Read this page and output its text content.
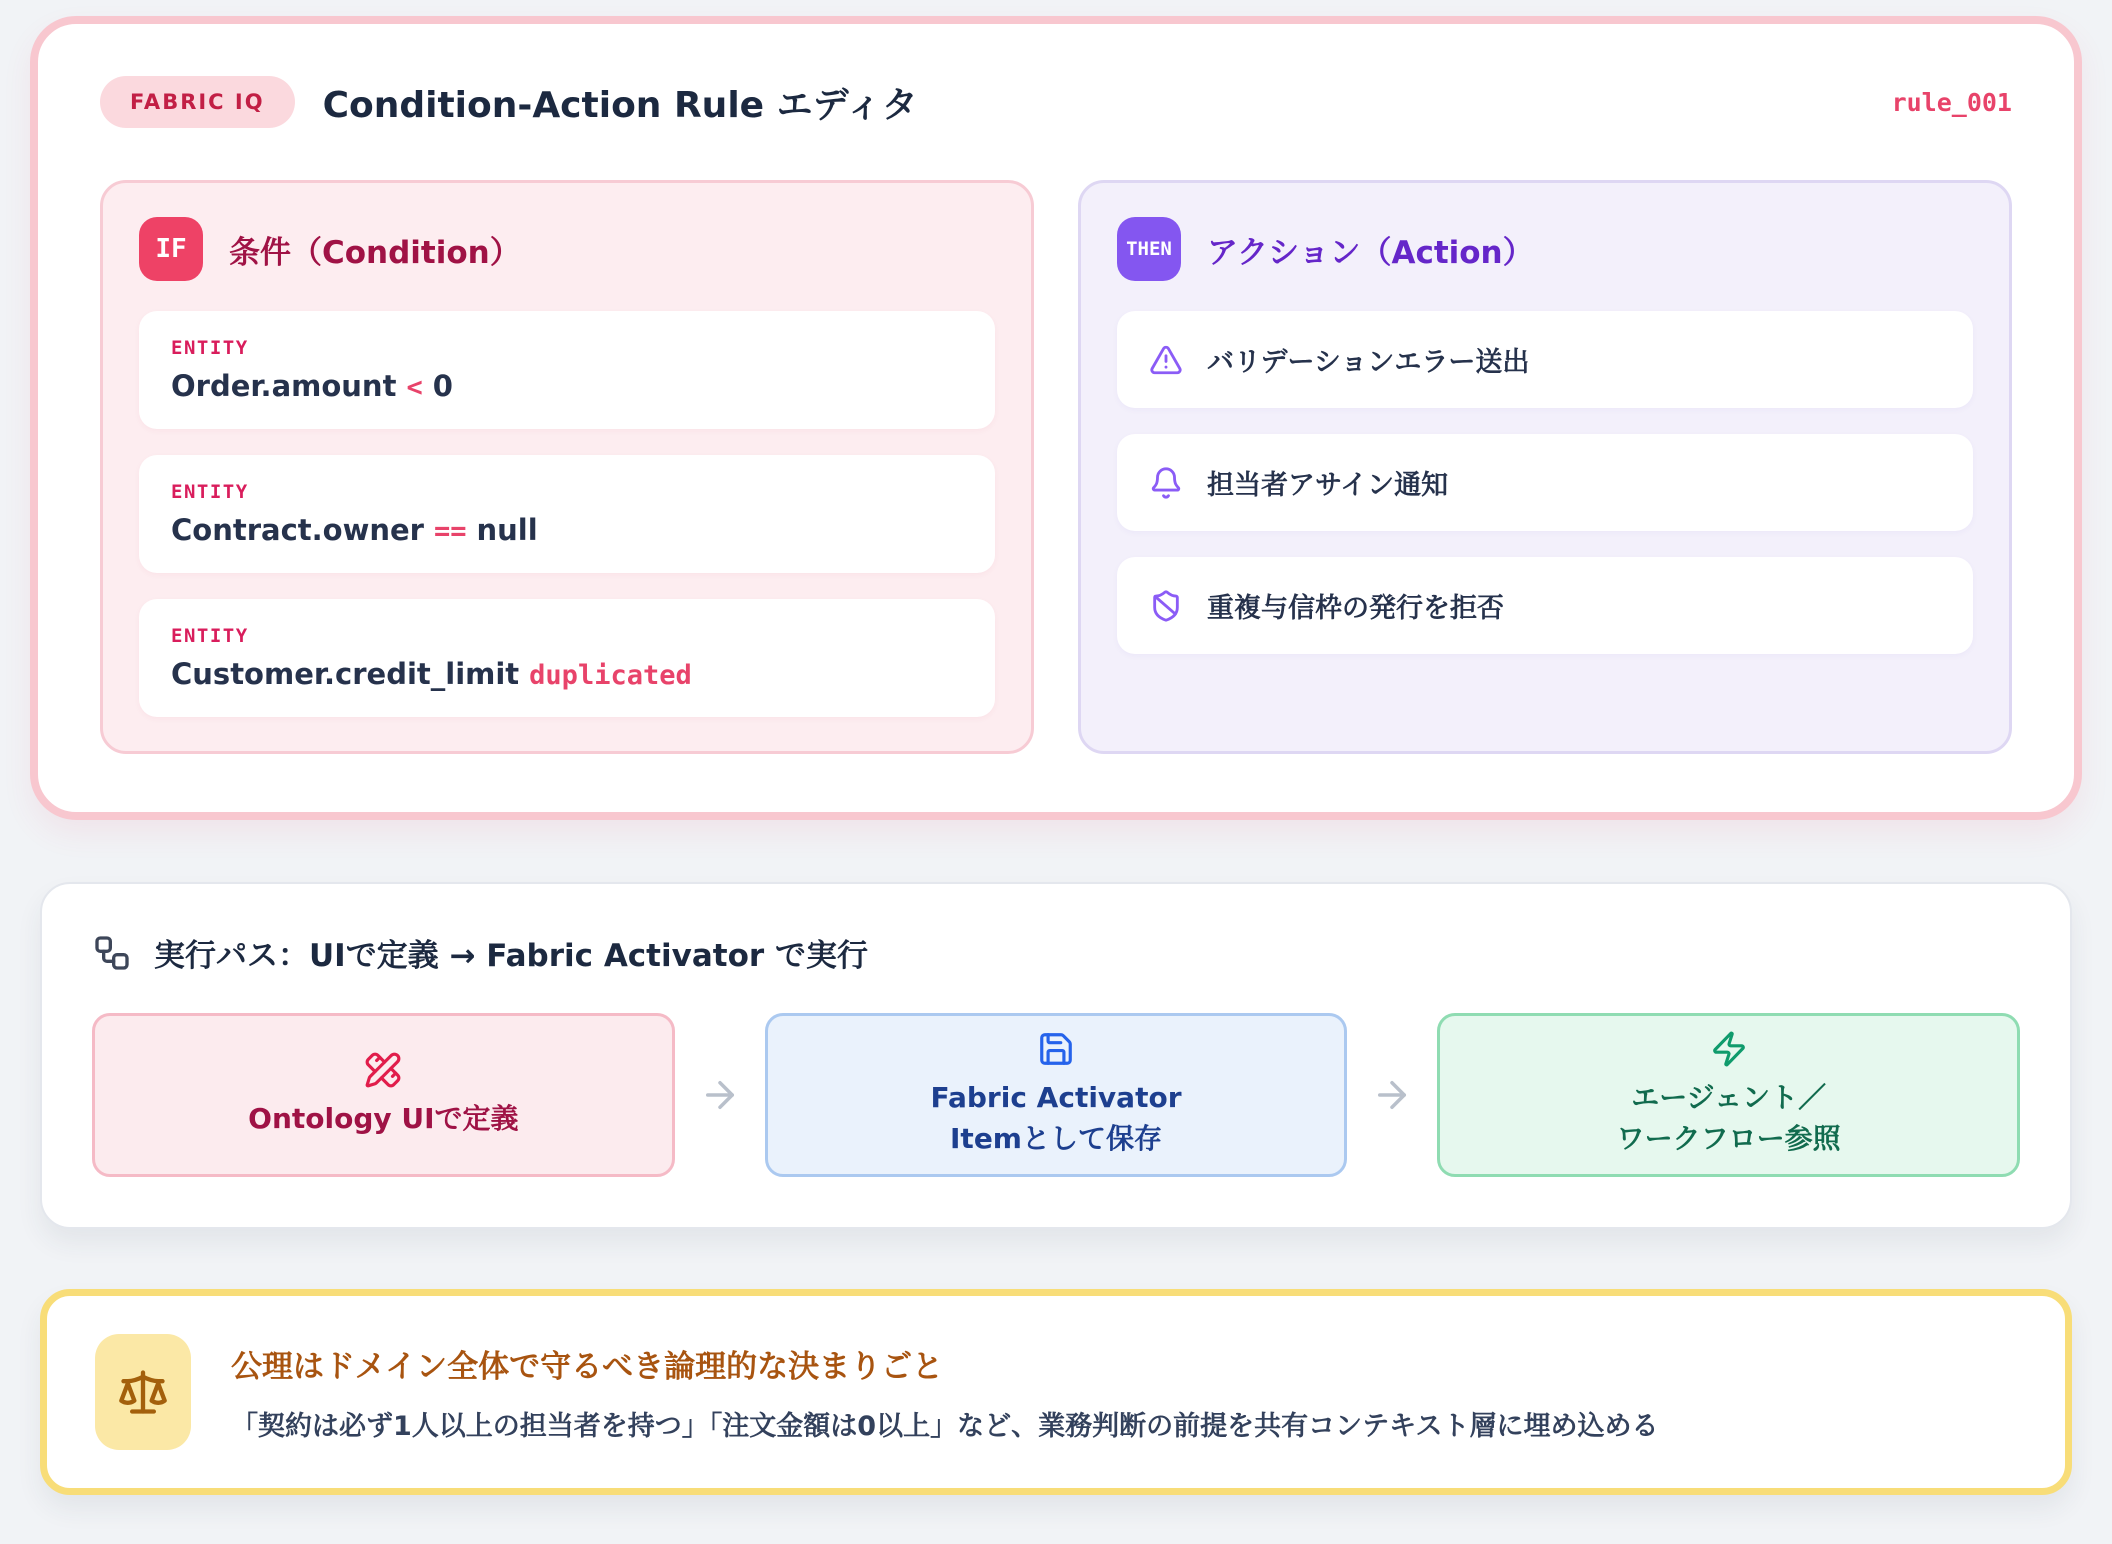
FABRIC IQ	Condition-Action Rule エディタ	rule_001
IF	条件（Condition）
ENTITY
Order.amount < 0
ENTITY
Contract.owner == null
ENTITY
Customer.credit_limit duplicated
THEN アクション（Action）
バリデーションエラー送出
担当者アサイン通知
重複与信枠の発行を拒否
実行パス：UIで定義 → Fabric Activator で実行
Ontology UIで定義
Fabric Activator
Itemとして保存
エージェント／
ワークフロー参照
公理はドメイン全体で守るべき論理的な決まりごと
「契約は必ず1人以上の担当者を持つ」「注文金額は0以上」など、業務判断の前提を共有コンテキスト層に埋め込める
